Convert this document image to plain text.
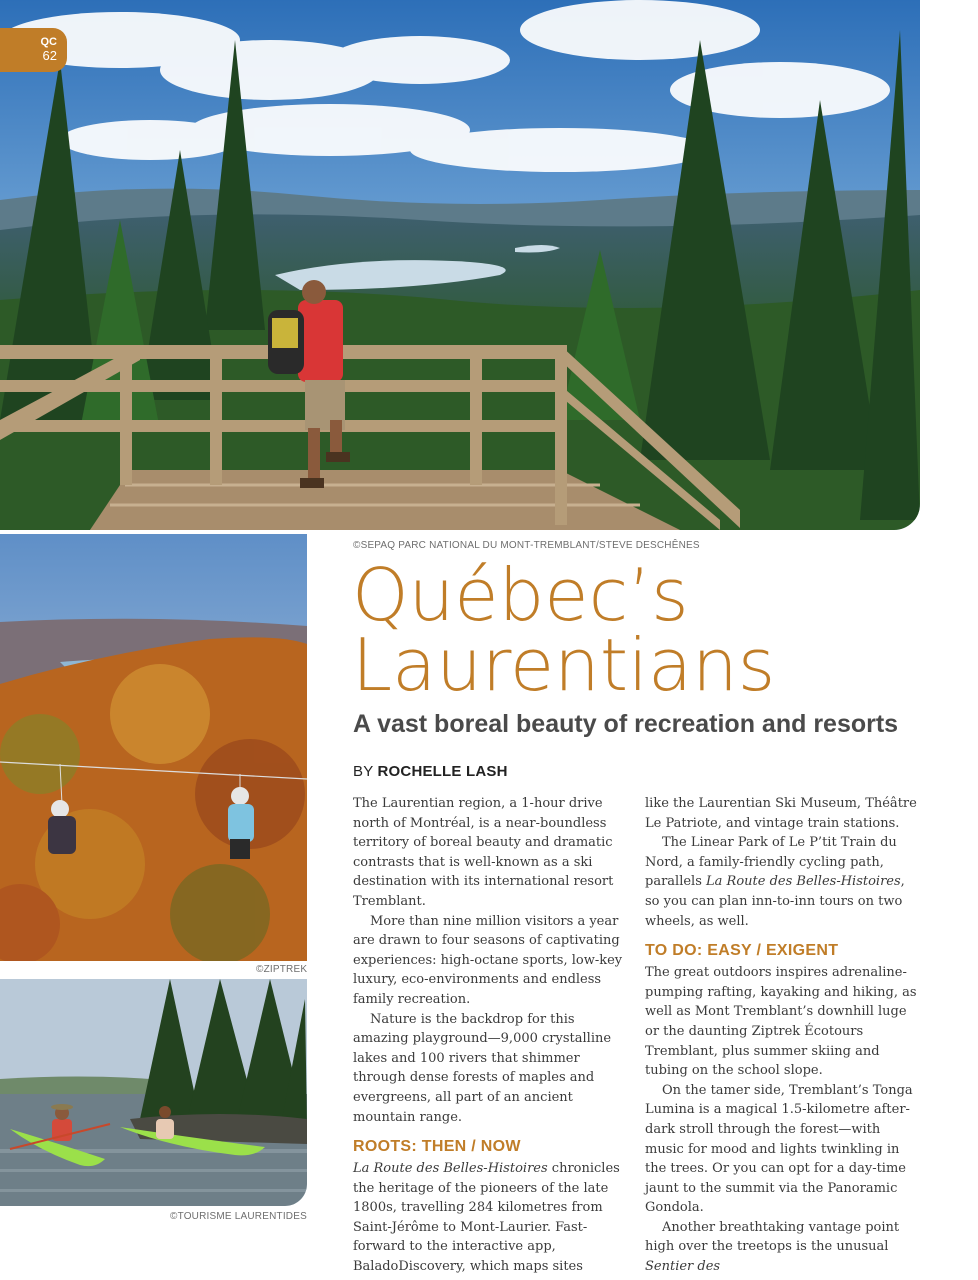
QC
62
©SEPAQ PARC NATIONAL DU MONT-TREMBLANT/STEVE DESCHÊNES
©ZIPTREK
©TOURISME LAURENTIDES
Québec’s
Laurentians
A vast boreal beauty of recreation and resorts
BY ROCHELLE LASH

The Laurentian region, a 1-hour drive north of Montréal, is a near-boundless territory of boreal beauty and dramatic contrasts that is well-known as a ski destination with its international resort Tremblant.

More than nine million visitors a year are drawn to four seasons of captivating experiences: high-octane sports, low-key luxury, eco-environments and endless family recreation.

Nature is the backdrop for this amazing playground—9,000 crystalline lakes and 100 rivers that shimmer through dense forests of maples and evergreens, all part of an ancient mountain range.

ROOTS: THEN / NOW

La Route des Belles-Histoires chronicles the heritage of the pioneers of the late 1800s, travelling 284 kilometres from Saint-Jérôme to Mont-Laurier. Fast-forward to the interactive app, BaladoDiscovery, which maps sites

like the Laurentian Ski Museum, Théâtre Le Patriote, and vintage train stations.

The Linear Park of Le P’tit Train du Nord, a family-friendly cycling path, parallels La Route des Belles-Histoires, so you can plan inn-to-inn tours on two wheels, as well.

TO DO: EASY / EXIGENT

The great outdoors inspires adrenaline-pumping rafting, kayaking and hiking, as well as Mont Tremblant’s downhill luge or the daunting Ziptrek Écotours Tremblant, plus summer skiing and tubing on the school slope.

On the tamer side, Tremblant’s Tonga Lumina is a magical 1.5-kilometre after-dark stroll through the forest—with music for mood and lights twinkling in the trees. Or you can opt for a day-time jaunt to the summit via the Panoramic Gondola.

Another breathtaking vantage point high over the treetops is the unusual Sentier des
